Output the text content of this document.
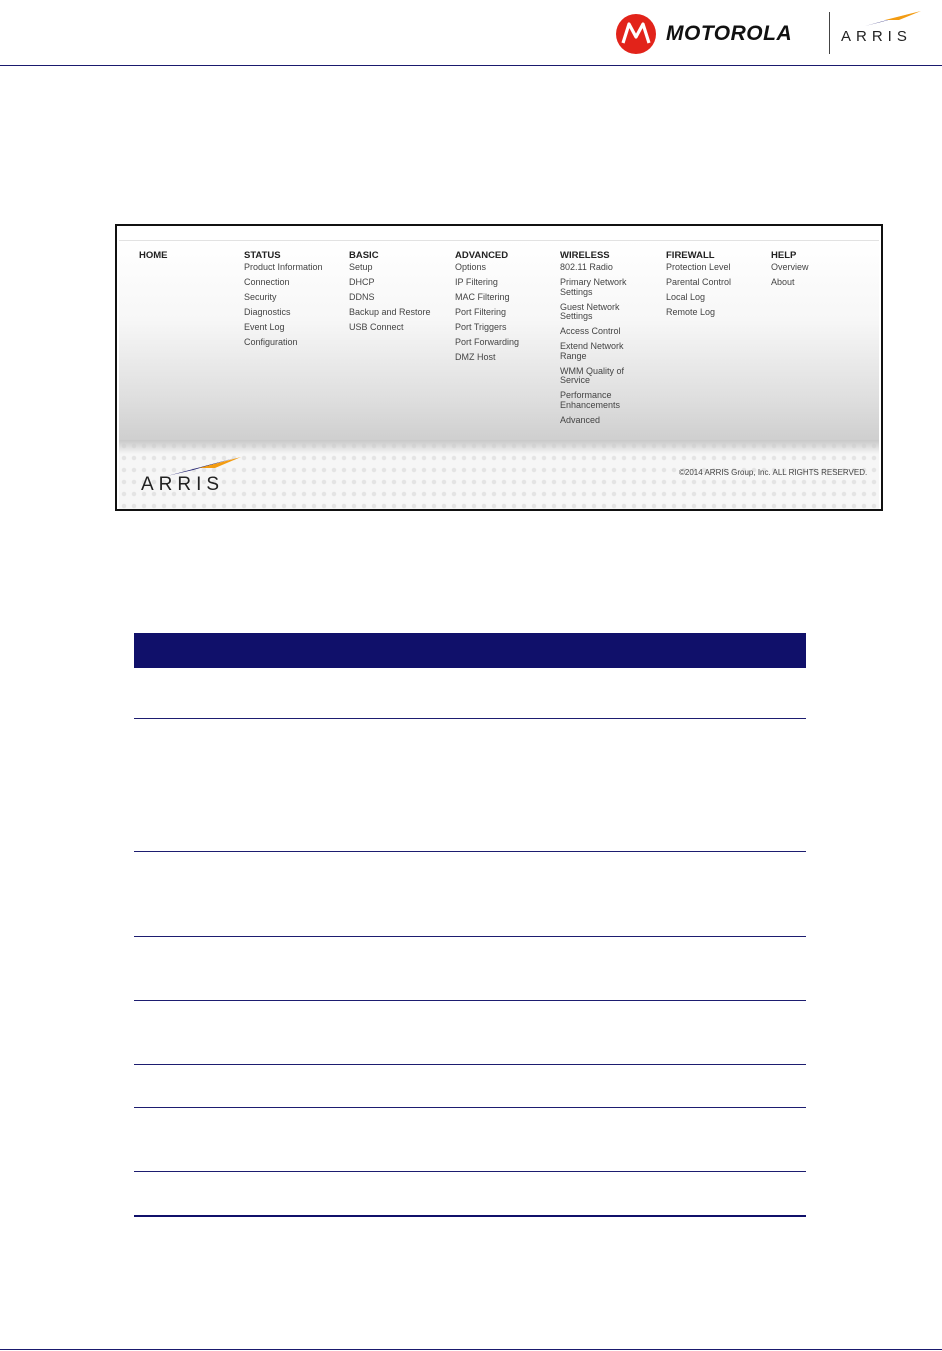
MOTOROLA	ARRIS
HOME	STATUS
Product Information
Connection
Security
Diagnostics
Event Log
Configuration
BASIC
Setup
DHCP
DDNS
Backup and Restore
USB Connect
ADVANCED
Options
IP Filtering
MAC Filtering
Port Filtering
Port Triggers
Port Forwarding
DMZ Host
WIRELESS
802.11 Radio
Primary Network Settings
Guest Network Settings
Access Control
Extend Network Range
WMM Quality of Service
Performance Enhancements
Advanced
FIREWALL
Protection Level
Parental Control
Local Log
Remote Log
HELP
Overview
About
ARRIS
©2014 ARRIS Group, Inc. ALL RIGHTS RESERVED.
